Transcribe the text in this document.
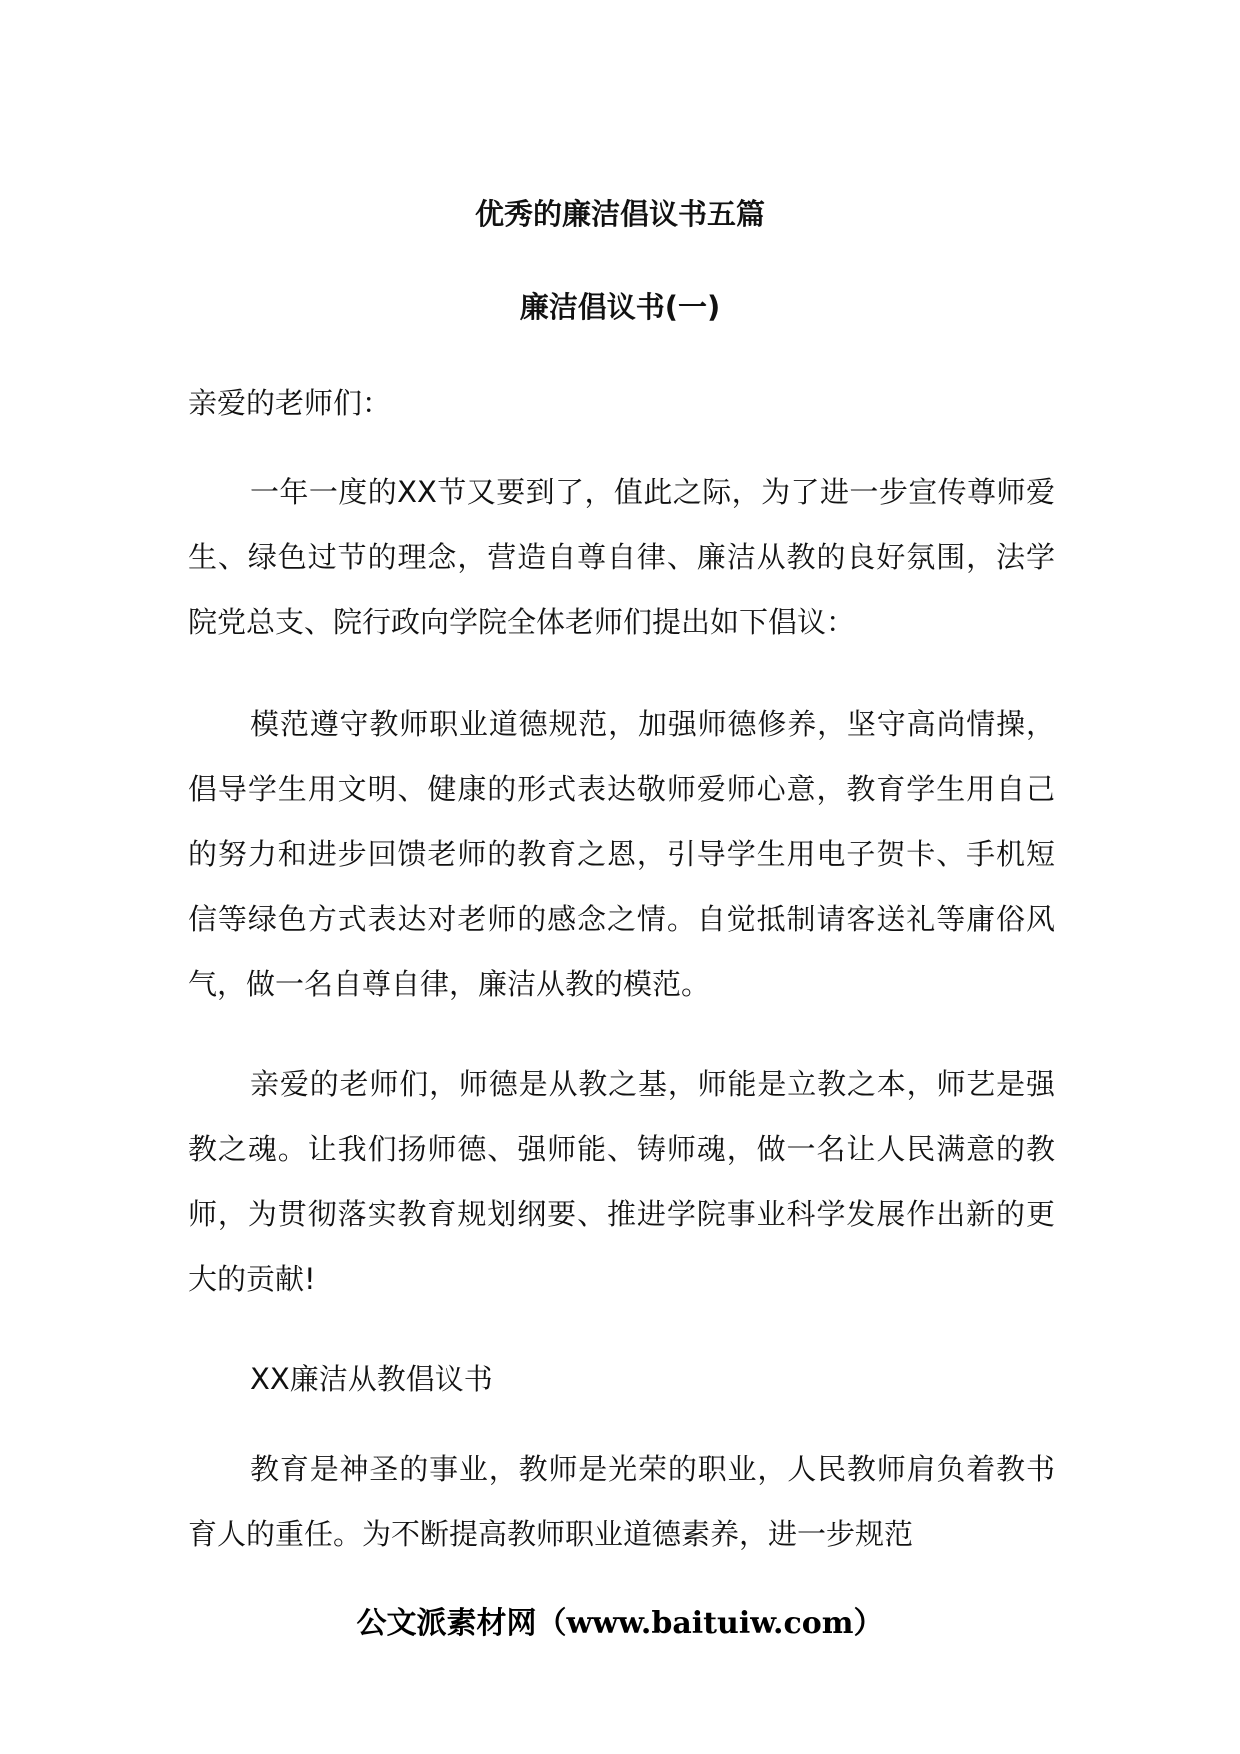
优秀的廉洁倡议书五篇
廉洁倡议书(一)

亲爱的老师们：

一年一度的XX节又要到了，值此之际，为了进一步宣传尊师爱生、绿色过节的理念，营造自尊自律、廉洁从教的良好氛围，法学院党总支、院行政向学院全体老师们提出如下倡议：

模范遵守教师职业道德规范，加强师德修养，坚守高尚情操，倡导学生用文明、健康的形式表达敬师爱师心意，教育学生用自己的努力和进步回馈老师的教育之恩，引导学生用电子贺卡、手机短信等绿色方式表达对老师的感念之情。自觉抵制请客送礼等庸俗风气，做一名自尊自律，廉洁从教的模范。

亲爱的老师们，师德是从教之基，师能是立教之本，师艺是强教之魂。让我们扬师德、强师能、铸师魂，做一名让人民满意的教师，为贯彻落实教育规划纲要、推进学院事业科学发展作出新的更大的贡献!

XX廉洁从教倡议书

教育是神圣的事业，教师是光荣的职业，人民教师肩负着教书育人的重任。为不断提高教师职业道德素养，进一步规范

公文派素材网（www.baituiw.com）
